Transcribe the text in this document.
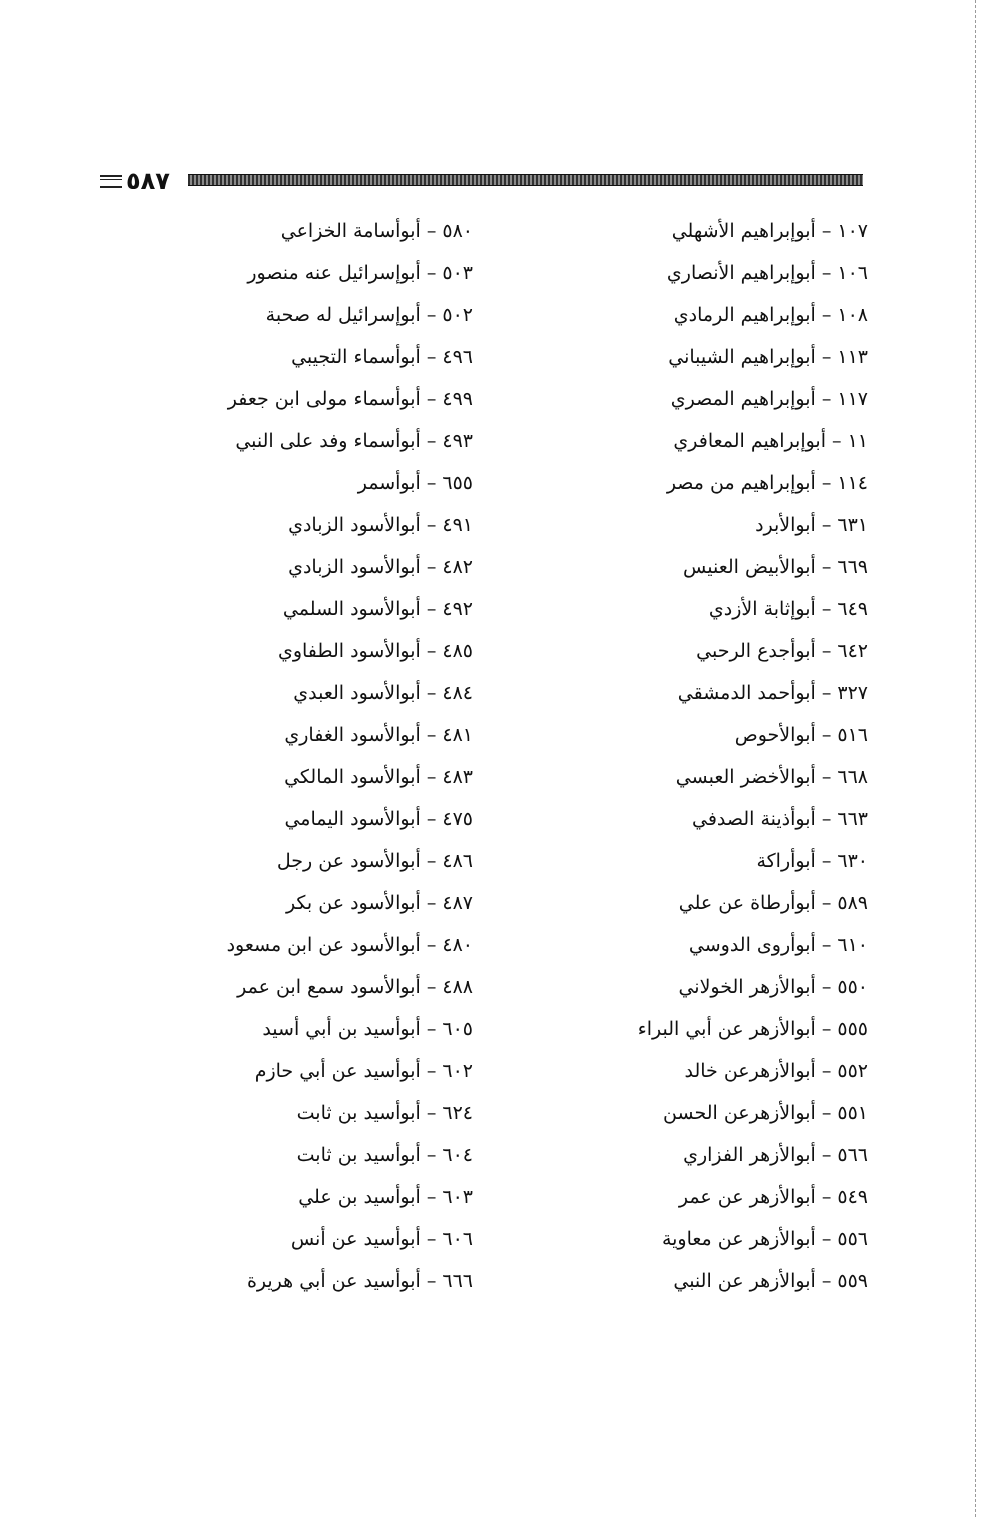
٥٨٧
١٠٧ – أبوإبراهيم الأشهلي
١٠٦ – أبوإبراهيم الأنصاري
١٠٨ – أبوإبراهيم الرمادي
١١٣ – أبوإبراهيم الشيباني
١١٧ – أبوإبراهيم المصري
١١ – أبوإبراهيم المعافري
١١٤ – أبوإبراهيم من مصر
٦٣١ – أبوالأبرد
٦٦٩ – أبوالأبيض العنيس
٦٤٩ – أبوإثابة الأزدي
٦٤٢ – أبوأجدع الرحبي
٣٢٧ – أبوأحمد الدمشقي
٥١٦ – أبوالأحوص
٦٦٨ – أبوالأخضر العبسي
٦٦٣ – أبوأذينة الصدفي
٦٣٠ – أبوأراكة
٥٨٩ – أبوأرطاة عن علي
٦١٠ – أبوأروى الدوسي
٥٥٠ – أبوالأزهر الخولاني
٥٥٥ – أبوالأزهر عن أبي البراء
٥٥٢ – أبوالأزهرعن خالد
٥٥١ – أبوالأزهرعن الحسن
٥٦٦ – أبوالأزهر الفزاري
٥٤٩ – أبوالأزهر عن عمر
٥٥٦ – أبوالأزهر عن معاوية
٥٥٩ – أبوالأزهر عن النبي
٥٨٠ – أبوأسامة الخزاعي
٥٠٣ – أبوإسرائيل عنه منصور
٥٠٢ – أبوإسرائيل له صحبة
٤٩٦ – أبوأسماء التجيبي
٤٩٩ – أبوأسماء مولى ابن جعفر
٤٩٣ – أبوأسماء وفد على النبي
٦٥٥ – أبوأسمر
٤٩١ – أبوالأسود الزبادي
٤٨٢ – أبوالأسود الزبادي
٤٩٢ – أبوالأسود السلمي
٤٨٥ – أبوالأسود الطفاوي
٤٨٤ – أبوالأسود العبدي
٤٨١ – أبوالأسود الغفاري
٤٨٣ – أبوالأسود المالكي
٤٧٥ – أبوالأسود اليمامي
٤٨٦ – أبوالأسود عن رجل
٤٨٧ – أبوالأسود عن بكر
٤٨٠ – أبوالأسود عن ابن مسعود
٤٨٨ – أبوالأسود سمع ابن عمر
٦٠٥ – أبوأسيد بن أبي أسيد
٦٠٢ – أبوأسيد عن أبي حازم
٦٢٤ – أبوأسيد بن ثابت
٦٠٤ – أبوأسيد بن ثابت
٦٠٣ – أبوأسيد بن علي
٦٠٦ – أبوأسيد عن أنس
٦٦٦ – أبوأسيد عن أبي هريرة
